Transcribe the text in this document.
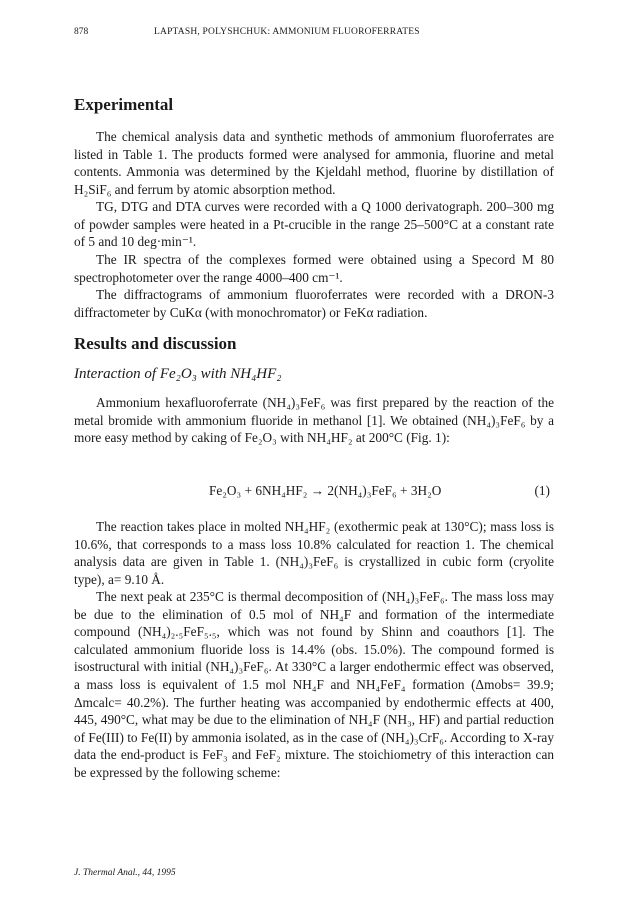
878	LAPTASH, POLYSHCHUK: AMMONIUM FLUOROFERRATES
Experimental

The chemical analysis data and synthetic methods of ammonium fluoroferrates are listed in Table 1. The products formed were analysed for ammonia, fluorine and metal contents. Ammonia was determined by the Kjeldahl method, fluorine by distillation of H₂SiF₆ and ferrum by atomic absorption method.

TG, DTG and DTA curves were recorded with a Q 1000 derivatograph. 200–300 mg of powder samples were heated in a Pt-crucible in the range 25–500°C at a constant rate of 5 and 10 deg·min⁻¹.

The IR spectra of the complexes formed were obtained using a Specord M 80 spectrophotometer over the range 4000–400 cm⁻¹.

The diffractograms of ammonium fluoroferrates were recorded with a DRON-3 diffractometer by CuKα (with monochromator) or FeKα radiation.

Results and discussion
Interaction of Fe₂O₃ with NH₄HF₂

Ammonium hexafluoroferrate (NH₄)₃FeF₆ was first prepared by the reaction of the metal bromide with ammonium fluoride in methanol [1]. We obtained (NH₄)₃FeF₆ by a more easy method by caking of Fe₂O₃ with NH₄HF₂ at 200°C (Fig. 1):

Fe₂O₃ + 6NH₄HF₂ → 2(NH₄)₃FeF₆ + 3H₂O	(1)

The reaction takes place in molted NH₄HF₂ (exothermic peak at 130°C); mass loss is 10.6%, that corresponds to a mass loss 10.8% calculated for reaction 1. The chemical analysis data are given in Table 1. (NH₄)₃FeF₆ is crystallized in cubic form (cryolite type), a= 9.10 Å.

The next peak at 235°C is thermal decomposition of (NH₄)₃FeF₆. The mass loss may be due to the elimination of 0.5 mol of NH₄F and formation of the intermediate compound (NH₄)₂.₅FeF₅.₅, which was not found by Shinn and coauthors [1]. The calculated ammonium fluoride loss is 14.4% (obs. 15.0%). The compound formed is isostructural with initial (NH₄)₃FeF₆. At 330°C a larger endothermic effect was observed, a mass loss is equivalent of 1.5 mol NH₄F and NH₄FeF₄ formation (Δmobs= 39.9; Δmcalc= 40.2%). The further heating was accompanied by endothermic effects at 400, 445, 490°C, what may be due to the elimination of NH₄F (NH₃, HF) and partial reduction of Fe(III) to Fe(II) by ammonia isolated, as in the case of (NH₄)₃CrF₆. According to X-ray data the end-product is FeF₃ and FeF₂ mixture. The stoichiometry of this interaction can be expressed by the following scheme:

J. Thermal Anal., 44, 1995
